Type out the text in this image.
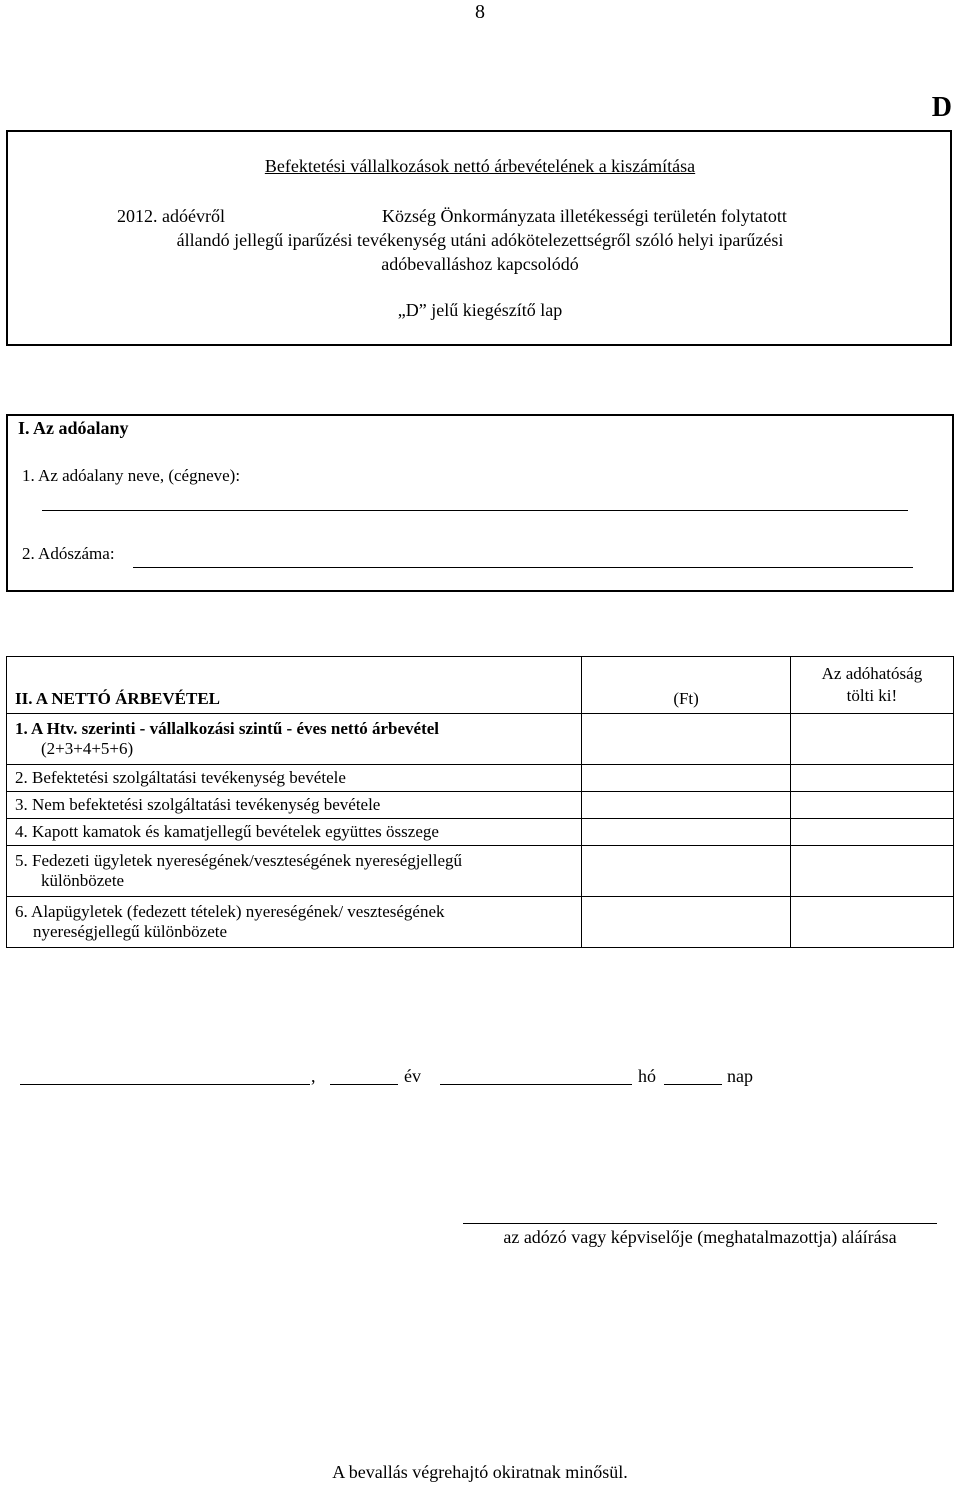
8
D
Befektetési vállalkozások nettó árbevételének a kiszámítása
2012. adóévről	Község Önkormányzata illetékességi területén folytatott
állandó jellegű iparűzési tevékenység utáni adókötelezettségről szóló helyi iparűzési
adóbevalláshoz kapcsolódó
„D” jelű kiegészítő lap
I. Az adóalany
1. Az adóalany neve, (cégneve):
2. Adószáma:
II. A NETTÓ ÁRBEVÉTEL	(Ft)	Az adóhatóság
tölti ki!
1. A Htv. szerinti - vállalkozási szintű - éves nettó árbevétel
(2+3+4+5+6)		

2. Befektetési szolgáltatási tevékenység bevétele		
3. Nem befektetési szolgáltatási tevékenység bevétele		
4. Kapott kamatok és kamatjellegű bevételek együttes összege		
5. Fedezeti ügyletek nyereségének/veszteségének nyereségjellegű
különbözete		

6. Alapügyletek (fedezett tételek) nyereségének/ veszteségének
nyereségjellegű különbözete		

,	év	hó	nap
az adózó vagy képviselője (meghatalmazottja) aláírása
A bevallás végrehajtó okiratnak minősül.
